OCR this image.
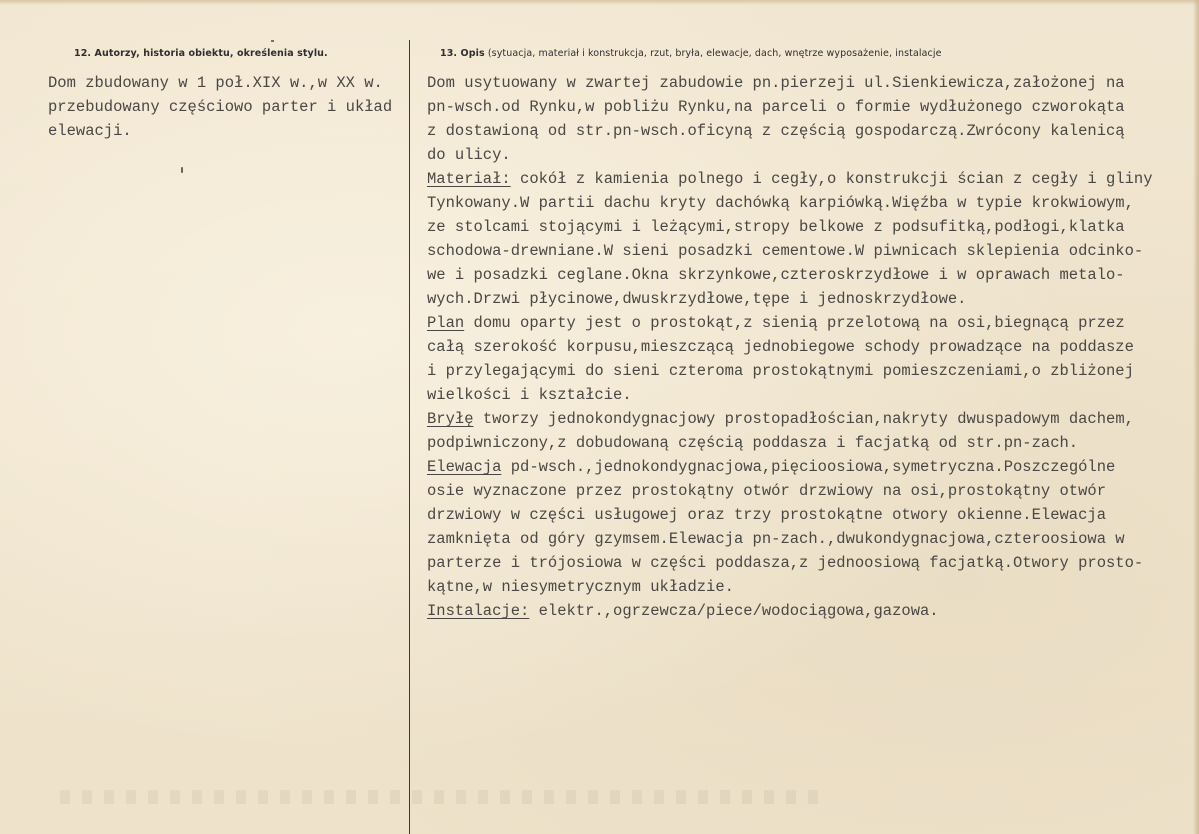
12. Autorzy, historia obiektu, określenia stylu.	13. Opis (sytuacja, materiał i konstrukcja, rzut, bryła, elewacje, dach, wnętrze wyposażenie, instalacje
Dom zbudowany w 1 poł.XIX w.,w XX w.
przebudowany częściowo parter i układ
elewacji.
Dom usytuowany w zwartej zabudowie pn.pierzeji ul.Sienkiewicza,założonej na
pn-wsch.od Rynku,w pobliżu Rynku,na parceli o formie wydłużonego czworokąta
z dostawioną od str.pn-wsch.oficyną z częścią gospodarczą.Zwrócony kalenicą
do ulicy.
Materiał: cokół z kamienia polnego i cegły,o konstrukcji ścian z cegły i gliny
Tynkowany.W partii dachu kryty dachówką karpiówką.Więźba w typie krokwiowym,
ze stolcami stojącymi i leżącymi,stropy belkowe z podsufitką,podłogi,klatka
schodowa-drewniane.W sieni posadzki cementowe.W piwnicach sklepienia odcinko-
we i posadzki ceglane.Okna skrzynkowe,czteroskrzydłowe i w oprawach metalo-
wych.Drzwi płycinowe,dwuskrzydłowe,tępe i jednoskrzydłowe.
Plan domu oparty jest o prostokąt,z sienią przelotową na osi,biegnącą przez
całą szerokość korpusu,mieszczącą jednobiegowe schody prowadzące na poddasze
i przylegającymi do sieni czteroma prostokątnymi pomieszczeniami,o zbliżonej
wielkości i kształcie.
Bryłę tworzy jednokondygnacjowy prostopadłościan,nakryty dwuspadowym dachem,
podpiwniczony,z dobudowaną częścią poddasza i facjatką od str.pn-zach.
Elewacja pd-wsch.,jednokondygnacjowa,pięcioosiowa,symetryczna.Poszczególne
osie wyznaczone przez prostokątny otwór drzwiowy na osi,prostokątny otwór
drzwiowy w części usługowej oraz trzy prostokątne otwory okienne.Elewacja
zamknięta od góry gzymsem.Elewacja pn-zach.,dwukondygnacjowa,czteroosiowa w
parterze i trójosiowa w części poddasza,z jednoosiową facjatką.Otwory prosto-
kątne,w niesymetrycznym układzie.
Instalacje: elektr.,ogrzewcza/piece/wodociągowa,gazowa.
